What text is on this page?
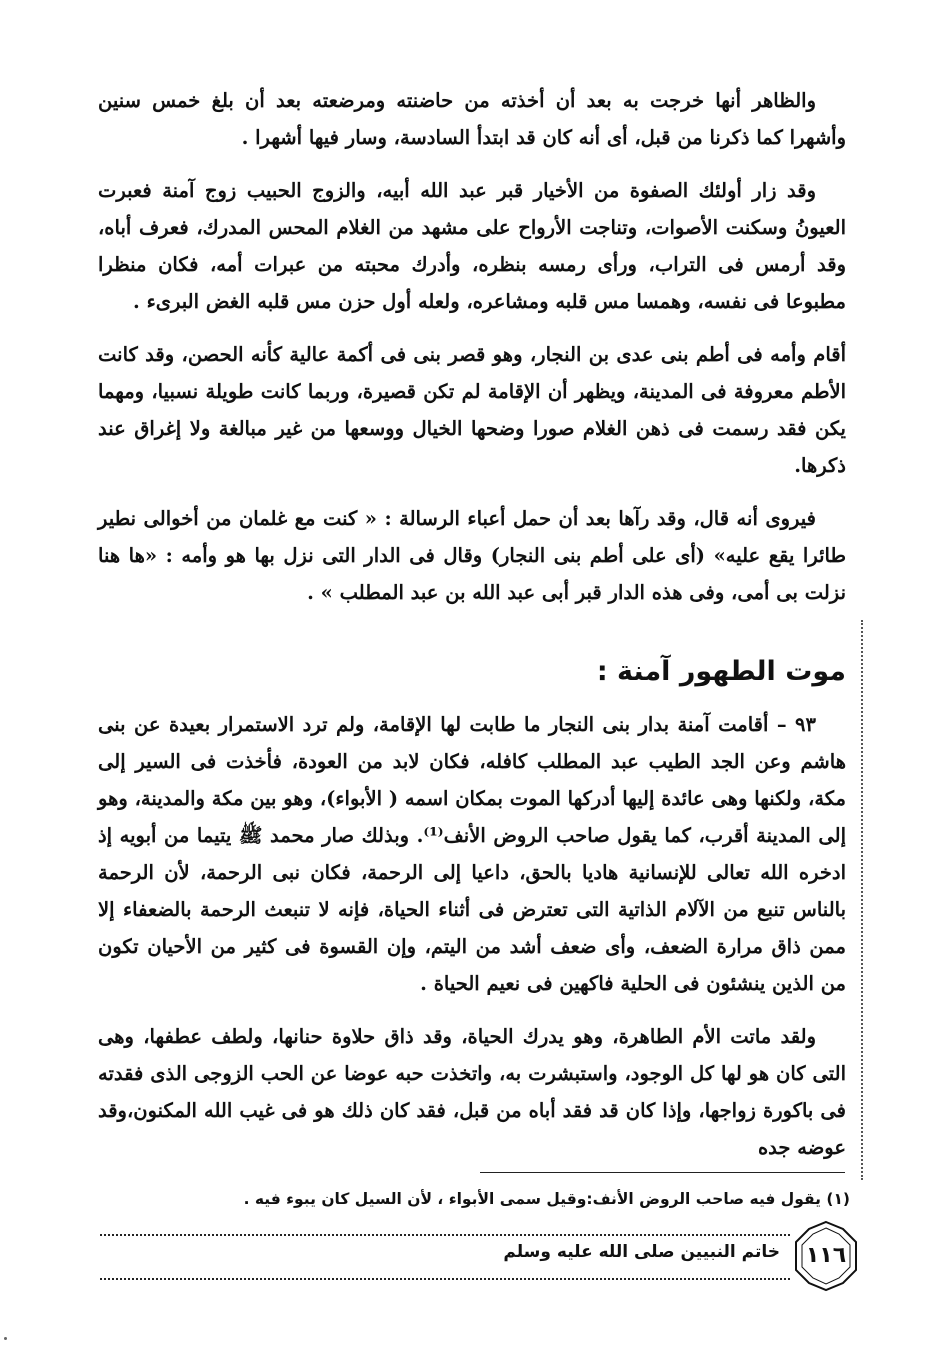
والظاهر أنها خرجت به بعد أن أخذته من حاضنته ومرضعته بعد أن بلغ خمس سنين وأشهرا كما ذكرنا من قبل، أى أنه كان قد ابتدأ السادسة، وسار فيها أشهرا .

وقد زار أولئك الصفوة من الأخيار قبر عبد الله أبيه، والزوج الحبيب زوج آمنة فعبرت العيونُ وسكنت الأصوات، وتناجت الأرواح على مشهد من الغلام المحس المدرك، فعرف أباه، وقد أرمس فى التراب، ورأى رمسه بنظره، وأدرك محبته من عبرات أمه، فكان منظرا مطبوعا فى نفسه، وهمسا مس قلبه ومشاعره، ولعله أول حزن مس قلبه الغض البرىء .

أقام وأمه فى أطم بنى عدى بن النجار، وهو قصر بنى فى أكمة عالية كأنه الحصن، وقد كانت الأطم معروفة فى المدينة، ويظهر أن الإقامة لم تكن قصيرة، وربما كانت طويلة نسبيا، ومهما يكن فقد رسمت فى ذهن الغلام صورا وضحها الخيال ووسعها من غير مبالغة ولا إغراق عند ذكرها.

فيروى أنه قال، وقد رآها بعد أن حمل أعباء الرسالة : « كنت مع غلمان من أخوالى نطير طائرا يقع عليه» (أى على أطم بنى النجار) وقال فى الدار التى نزل بها هو وأمه : «ها هنا نزلت بى أمى، وفى هذه الدار قبر أبى عبد الله بن عبد المطلب » .

موت الطهور آمنة :

٩٣ – أقامت آمنة بدار بنى النجار ما طابت لها الإقامة، ولم ترد الاستمرار بعيدة عن بنى هاشم وعن الجد الطيب عبد المطلب كافله، فكان لابد من العودة، فأخذت فى السير إلى مكة، ولكنها وهى عائدة إليها أدركها الموت بمكان اسمه ( الأبواء)، وهو بين مكة والمدينة، وهو إلى المدينة أقرب، كما يقول صاحب الروض الأنف⁽¹⁾. وبذلك صار محمد ﷺ يتيما من أبويه إذ ادخره الله تعالى للإنسانية هاديا بالحق، داعيا إلى الرحمة، فكان نبى الرحمة، لأن الرحمة بالناس تنبع من الآلام الذاتية التى تعترض فى أثناء الحياة، فإنه لا تنبعث الرحمة بالضعفاء إلا ممن ذاق مرارة الضعف، وأى ضعف أشد من اليتم، وإن القسوة فى كثير من الأحيان تكون من الذين ينشئون فى الحلية فاكهين فى نعيم الحياة .

ولقد ماتت الأم الطاهرة، وهو يدرك الحياة، وقد ذاق حلاوة حنانها، ولطف عطفها، وهى التى كان هو لها كل الوجود، واستبشرت به، واتخذت حبه عوضا عن الحب الزوجى الذى فقدته فى باكورة زواجها، وإذا كان قد فقد أباه من قبل، فقد كان ذلك هو فى غيب الله المكنون،وقد عوضه جده

(١) يقول فيه صاحب الروض الأنف:وقيل سمى الأبواء ، لأن السيل كان يبوء فيه .

خاتم النبيين صلى الله عليه وسلم	١١٦
